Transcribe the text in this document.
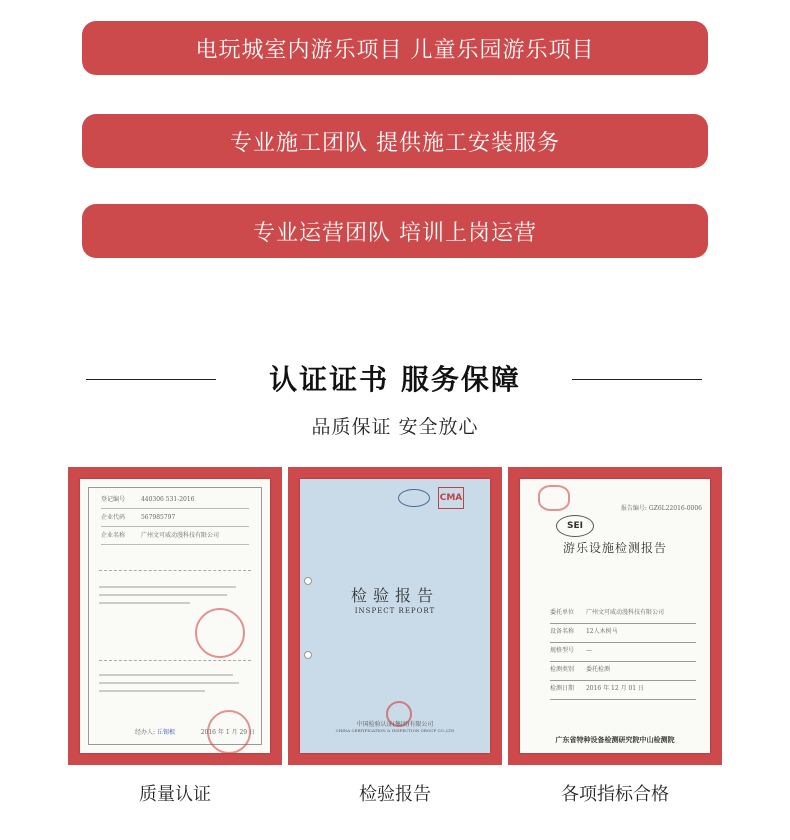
电玩城室内游乐项目 儿童乐园游乐项目
专业施工团队 提供施工安装服务
专业运营团队 培训上岗运营
认证证书 服务保障
品质保证 安全放心
登记编号	440306 531-2016
企业代码	567985797
企业名称	广州文可威动漫科技有限公司
经办人: 丘锡根	2016 年 1 月 29 日
质量认证
CMA
检验报告
INSPECT REPORT
中国检验认证(集团)有限公司
CHINA CERTIFICATION & INSPECTION GROUP CO.,LTD
检验报告
报告编号: GZ6L22016-0006
SEI
游乐设施检测报告
委托单位 广州文可威动漫科技有限公司
设备名称 12人木树马
规格型号 —
检测类别 委托检测
检测日期 2016 年 12 月 01 日
广东省特种设备检测研究院中山检测院
各项指标合格
